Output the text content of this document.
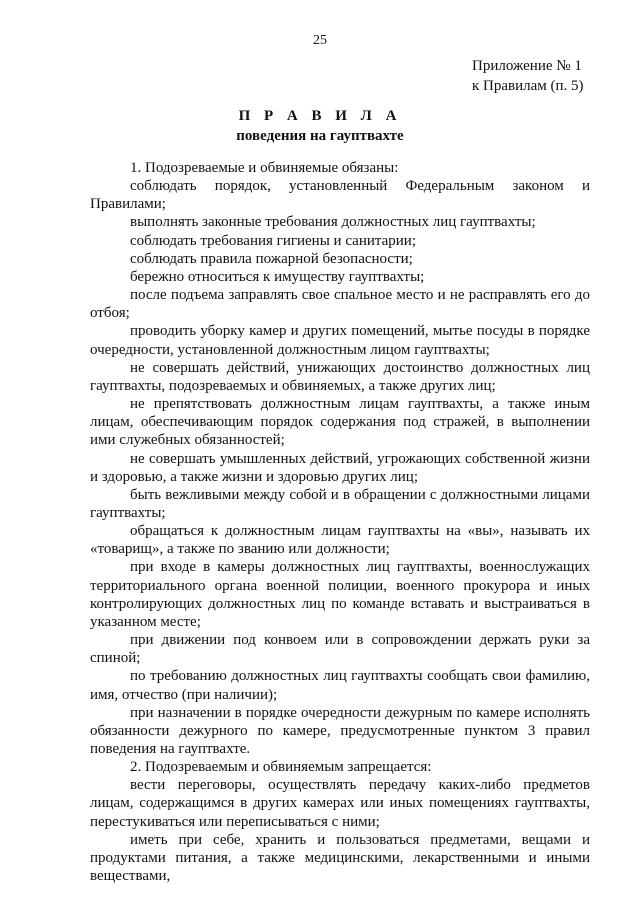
25
Приложение № 1
к Правилам (п. 5)
П Р А В И Л А
поведения на гауптвахте

1. Подозреваемые и обвиняемые обязаны:

соблюдать порядок, установленный Федеральным законом и Правилами;

выполнять законные требования должностных лиц гауптвахты;

соблюдать требования гигиены и санитарии;

соблюдать правила пожарной безопасности;

бережно относиться к имуществу гауптвахты;

после подъема заправлять свое спальное место и не расправлять его до отбоя;

проводить уборку камер и других помещений, мытье посуды в порядке очередности, установленной должностным лицом гауптвахты;

не совершать действий, унижающих достоинство должностных лиц гауптвахты, подозреваемых и обвиняемых, а также других лиц;

не препятствовать должностным лицам гауптвахты, а также иным лицам, обеспечивающим порядок содержания под стражей, в выполнении ими служебных обязанностей;

не совершать умышленных действий, угрожающих собственной жизни и здоровью, а также жизни и здоровью других лиц;

быть вежливыми между собой и в обращении с должностными лицами гауптвахты;

обращаться к должностным лицам гауптвахты на «вы», называть их «товарищ», а также по званию или должности;

при входе в камеры должностных лиц гауптвахты, военнослужащих территориального органа военной полиции, военного прокурора и иных контролирующих должностных лиц по команде вставать и выстраиваться в указанном месте;

при движении под конвоем или в сопровождении держать руки за спиной;

по требованию должностных лиц гауптвахты сообщать свои фамилию, имя, отчество (при наличии);

при назначении в порядке очередности дежурным по камере исполнять обязанности дежурного по камере, предусмотренные пунктом 3 правил поведения на гауптвахте.

2. Подозреваемым и обвиняемым запрещается:

вести переговоры, осуществлять передачу каких-либо предметов лицам, содержащимся в других камерах или иных помещениях гауптвахты, перестукиваться или переписываться с ними;

иметь при себе, хранить и пользоваться предметами, вещами и продуктами питания, а также медицинскими, лекарственными и иными веществами,
